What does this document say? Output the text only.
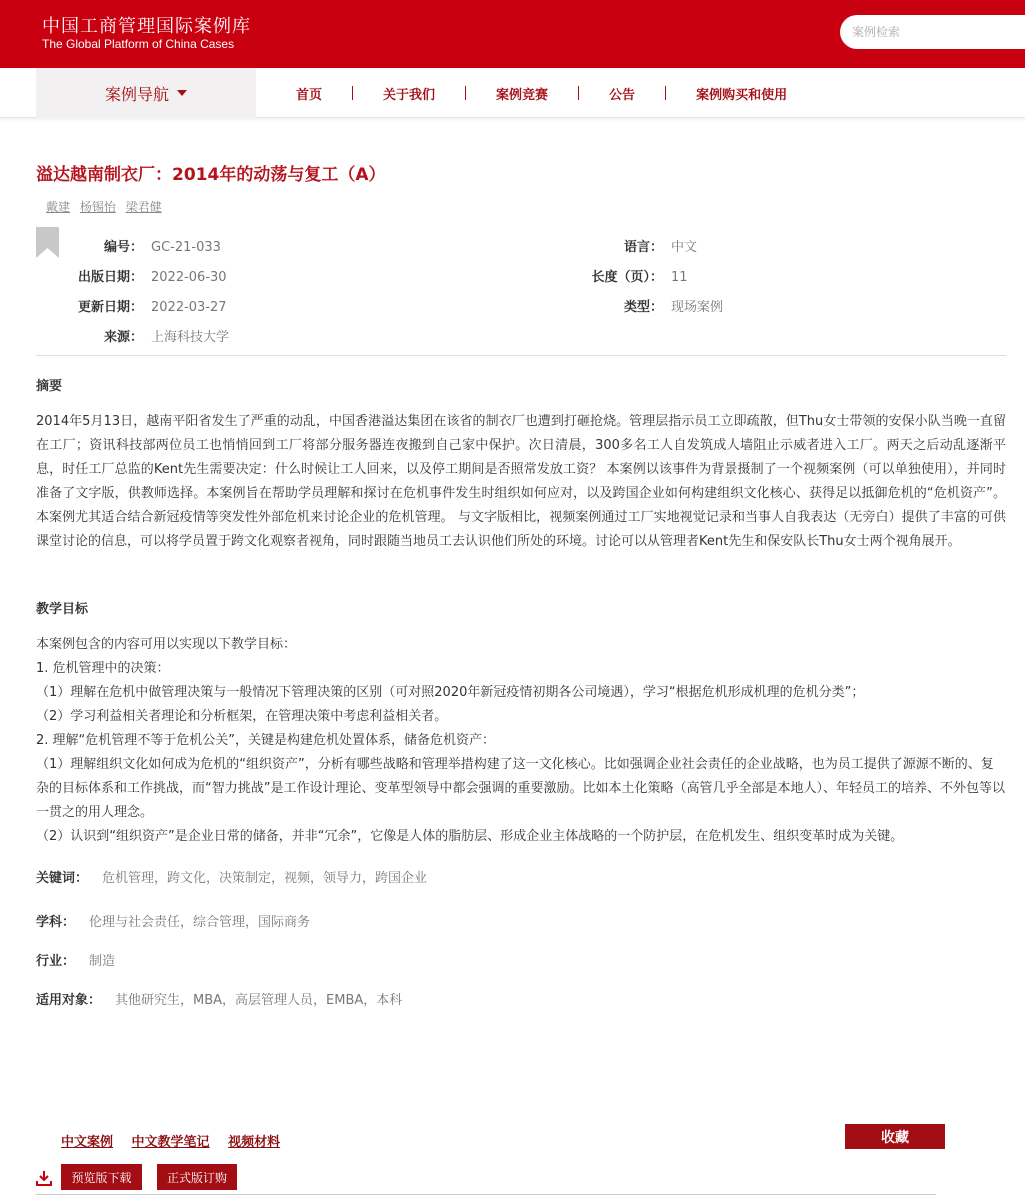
中国工商管理国际案例库
The Global Platform of China Cases
案例检索
案例导航	首页	关于我们	案例竞赛	公告	案例购买和使用
溢达越南制衣厂：2014年的动荡与复工（A）
戴建 杨锡怡 梁君健
编号： GC-21-033
出版日期： 2022-06-30
更新日期： 2022-03-27
来源： 上海科技大学
语言： 中文
长度（页）： 11
类型： 现场案例
摘要
2014年5月13日，越南平阳省发生了严重的动乱，中国香港溢达集团在该省的制衣厂也遭到打砸抢烧。管理层指示员工立即疏散，但Thu女士带领的安保小队当晚一直留在工厂；资讯科技部两位员工也悄悄回到工厂将部分服务器连夜搬到自己家中保护。次日清晨，300多名工人自发筑成人墙阻止示威者进入工厂。两天之后动乱逐渐平息，时任工厂总监的Kent先生需要决定：什么时候让工人回来，以及停工期间是否照常发放工资？ 本案例以该事件为背景摄制了一个视频案例（可以单独使用），并同时准备了文字版，供教师选择。本案例旨在帮助学员理解和探讨在危机事件发生时组织如何应对，以及跨国企业如何构建组织文化核心、获得足以抵御危机的“危机资产”。本案例尤其适合结合新冠疫情等突发性外部危机来讨论企业的危机管理。 与文字版相比，视频案例通过工厂实地视觉记录和当事人自我表达（无旁白）提供了丰富的可供课堂讨论的信息，可以将学员置于跨文化观察者视角，同时跟随当地员工去认识他们所处的环境。讨论可以从管理者Kent先生和保安队长Thu女士两个视角展开。
教学目标
本案例包含的内容可用以实现以下教学目标：
1. 危机管理中的决策：
（1）理解在危机中做管理决策与一般情况下管理决策的区别（可对照2020年新冠疫情初期各公司境遇），学习“根据危机形成机理的危机分类”；
（2）学习利益相关者理论和分析框架，在管理决策中考虑利益相关者。
2. 理解“危机管理不等于危机公关”，关键是构建危机处置体系，储备危机资产：
（1）理解组织文化如何成为危机的“组织资产”，分析有哪些战略和管理举措构建了这一文化核心。比如强调企业社会责任的企业战略，也为员工提供了源源不断的、复杂的目标体系和工作挑战，而“智力挑战”是工作设计理论、变革型领导中都会强调的重要激励。比如本土化策略（高管几乎全部是本地人）、年轻员工的培养、不外包等以一贯之的用人理念。
（2）认识到“组织资产”是企业日常的储备，并非“冗余”，它像是人体的脂肪层、形成企业主体战略的一个防护层，在危机发生、组织变革时成为关键。
关键词： 危机管理，跨文化，决策制定，视频，领导力，跨国企业
学科： 伦理与社会责任，综合管理，国际商务
行业： 制造
适用对象： 其他研究生，MBA，高层管理人员，EMBA，本科
中文案例 中文教学笔记 视频材料	收藏
预览版下载	正式版订购
